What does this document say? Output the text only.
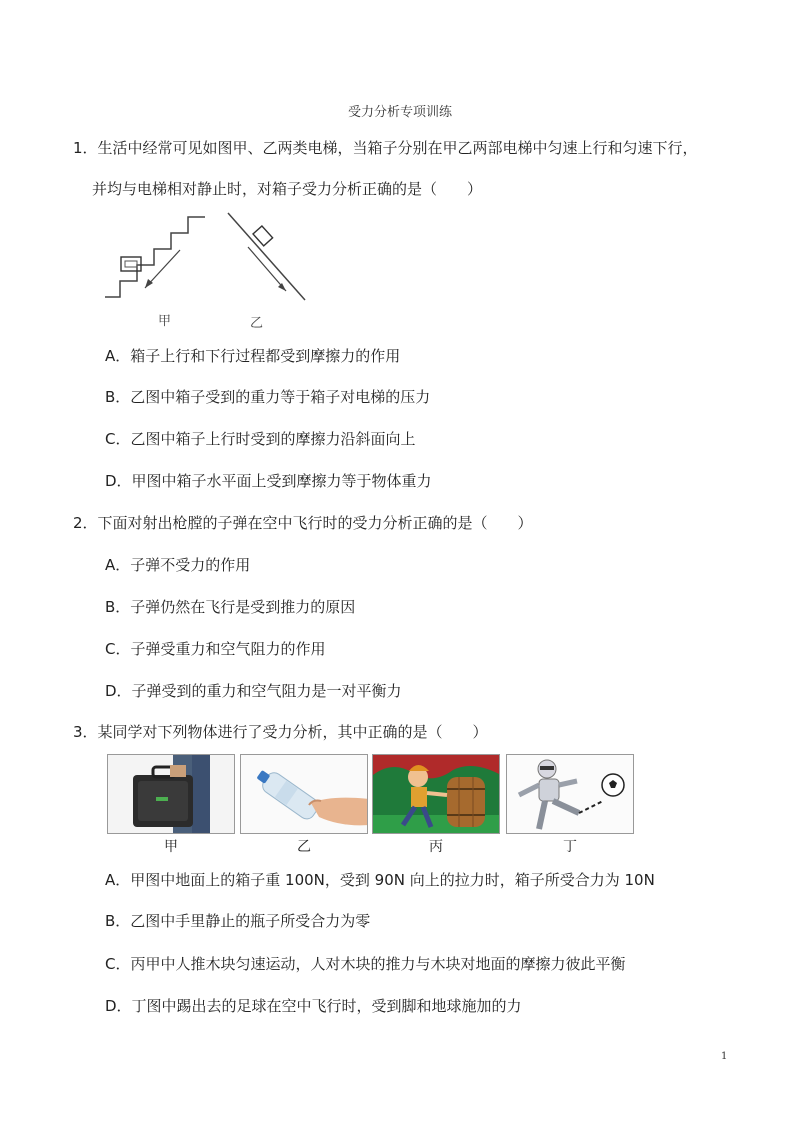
受力分析专项训练
1．生活中经常可见如图甲、乙两类电梯，当箱子分别在甲乙两部电梯中匀速上行和匀速下行，
并均与电梯相对静止时，对箱子受力分析正确的是（　　）
甲	乙
A．箱子上行和下行过程都受到摩擦力的作用
B．乙图中箱子受到的重力等于箱子对电梯的压力
C．乙图中箱子上行时受到的摩擦力沿斜面向上
D．甲图中箱子水平面上受到摩擦力等于物体重力
2．下面对射出枪膛的子弹在空中飞行时的受力分析正确的是（　　）
A．子弹不受力的作用
B．子弹仍然在飞行是受到推力的原因
C．子弹受重力和空气阻力的作用
D．子弹受到的重力和空气阻力是一对平衡力
3．某同学对下列物体进行了受力分析，其中正确的是（　　）
甲	乙	丙	丁
A．甲图中地面上的箱子重 100N，受到 90N 向上的拉力时，箱子所受合力为 10N
B．乙图中手里静止的瓶子所受合力为零
C．丙甲中人推木块匀速运动，人对木块的推力与木块对地面的摩擦力彼此平衡
D．丁图中踢出去的足球在空中飞行时，受到脚和地球施加的力
1
